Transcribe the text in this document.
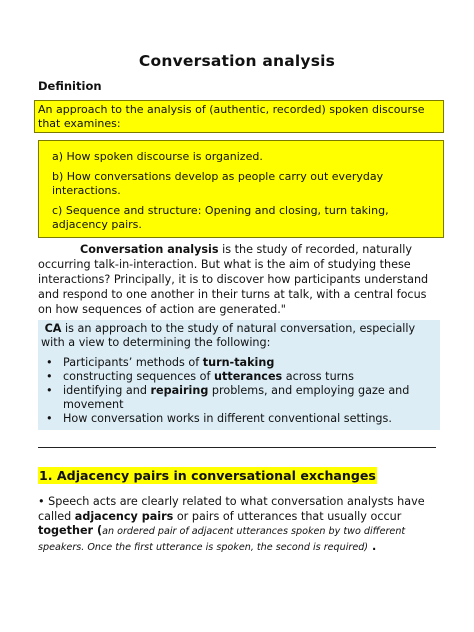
Conversation analysis
Definition
An approach to the analysis of (authentic, recorded) spoken discourse that examines:
a) How spoken discourse is organized.
b) How conversations develop as people carry out everyday interactions.
c) Sequence and structure: Opening and closing, turn taking, adjacency pairs.
Conversation analysis is the study of recorded, naturally occurring talk-in-interaction. But what is the aim of studying these interactions? Principally, it is to discover how participants understand and respond to one another in their turns at talk, with a central focus on how sequences of action are generated."
CA is an approach to the study of natural conversation, especially with a view to determining the following:
• Participants’ methods of turn-taking
• constructing sequences of utterances across turns
• identifying and repairing problems, and employing gaze and movement
• How conversation works in different conventional settings.
1. Adjacency pairs in conversational exchanges
• Speech acts are clearly related to what conversation analysts have called adjacency pairs or pairs of utterances that usually occur together (an ordered pair of adjacent utterances spoken by two different speakers. Once the first utterance is spoken, the second is required) .
